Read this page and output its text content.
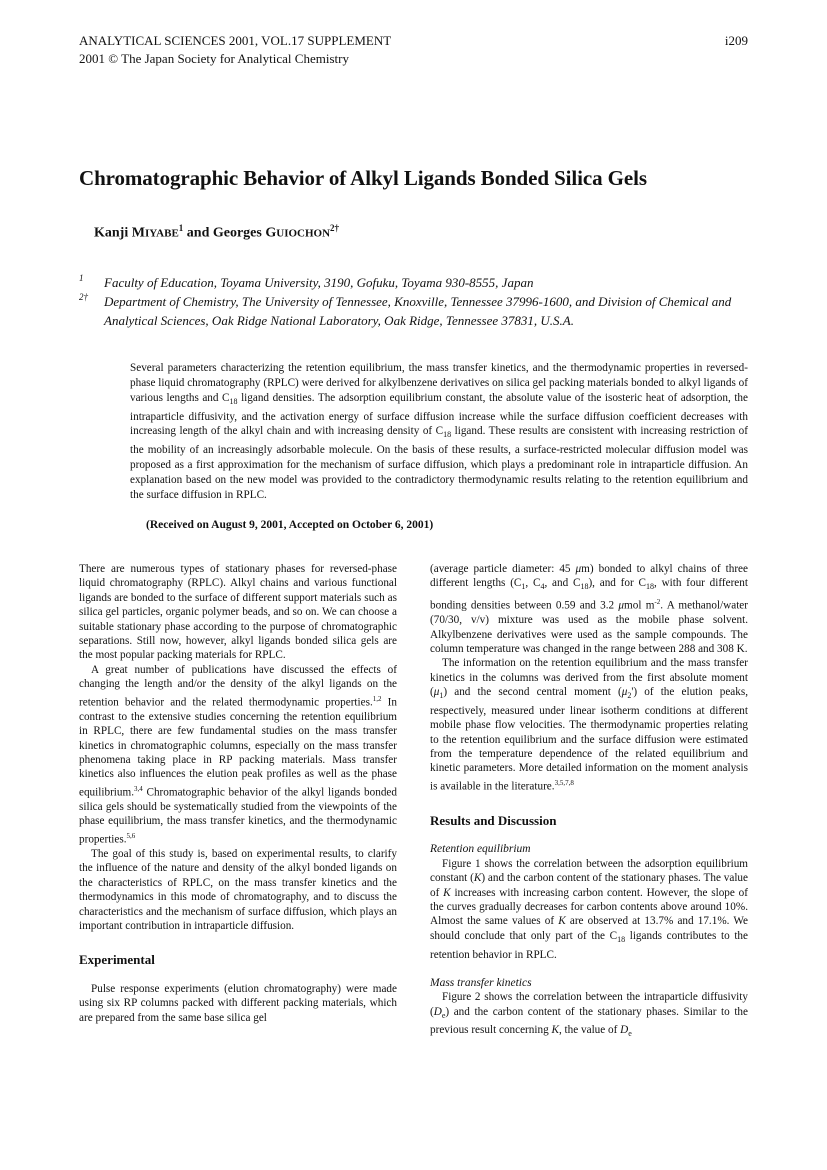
ANALYTICAL SCIENCES 2001, VOL.17 SUPPLEMENT
2001 © The Japan Society for Analytical Chemistry
i209
Chromatographic Behavior of Alkyl Ligands Bonded Silica Gels
Kanji MIYABE$^1$ and Georges $GUIOCHON^{2\dagger}$
1 Faculty of Education, Toyama University, 3190, Gofuku, Toyama 930-8555, Japan
2† Department of Chemistry, The University of Tennessee, Knoxville, Tennessee 37996-1600, and Division of Chemical and Analytical Sciences, Oak Ridge National Laboratory, Oak Ridge, Tennessee 37831, U.S.A.
Several parameters characterizing the retention equilibrium, the mass transfer kinetics, and the thermodynamic properties in reversed-phase liquid chromatography (RPLC) were derived for alkylbenzene derivatives on silica gel packing materials bonded to alkyl ligands of various lengths and $C_{18}$ ligand densities. The adsorption equilibrium constant, the absolute value of the isosteric heat of adsorption, the intraparticle diffusivity, and the activation energy of surface diffusion increase while the surface diffusion coefficient decreases with increasing length of the alkyl chain and with increasing density of $C_{18}$ ligand. These results are consistent with increasing restriction of the mobility of an increasingly adsorbable molecule. On the basis of these results, a surface-restricted molecular diffusion model was proposed as a first approximation for the mechanism of surface diffusion, which plays a predominant role in intraparticle diffusion. An explanation based on the new model was provided to the contradictory thermodynamic results relating to the retention equilibrium and the surface diffusion in RPLC.
(Received on August 9, 2001, Accepted on October 6, 2001)

There are numerous types of stationary phases for reversed-phase liquid chromatography (RPLC). Alkyl chains and various functional ligands are bonded to the surface of different support materials such as silica gel particles, organic polymer beads, and so on. We can choose a suitable stationary phase according to the purpose of chromatographic separations. Still now, however, alkyl ligands bonded silica gels are the most popular packing materials for RPLC.

A great number of publications have discussed the effects of changing the length and/or the density of the alkyl ligands on the retention behavior and the related thermodynamic properties.$^{1,2}$ In contrast to the extensive studies concerning the retention equilibrium in RPLC, there are few fundamental studies on the mass transfer kinetics in chromatographic columns, especially on the mass transfer phenomena taking place in RP packing materials. Mass transfer kinetics also influences the elution peak profiles as well as the phase equilibrium.$^{3,4}$ Chromatographic behavior of the alkyl ligands bonded silica gels should be systematically studied from the viewpoints of the phase equilibrium, the mass transfer kinetics, and the thermodynamic properties.$^{5,6}$

The goal of this study is, based on experimental results, to clarify the influence of the nature and density of the alkyl bonded ligands on the characteristics of RPLC, on the mass transfer kinetics and the thermodynamics in this mode of chromatography, and to discuss the characteristics and the mechanism of surface diffusion, which plays an important contribution in intraparticle diffusion.

Experimental

Pulse response experiments (elution chromatography) were made using six RP columns packed with different packing materials, which are prepared from the same base silica gel

(average particle diameter: 45 μm) bonded to alkyl chains of three different lengths ($C_1$, $C_4$, and $C_{18}$), and for $C_{18}$, with four different bonding densities between 0.59 and 3.2 μmol $m^{-2}$. A methanol/water (70/30, v/v) mixture was used as the mobile phase solvent. Alkylbenzene derivatives were used as the sample compounds. The column temperature was changed in the range between 288 and 308 K.

The information on the retention equilibrium and the mass transfer kinetics in the columns was derived from the first absolute moment $(\mu_1)$ and the second central moment $(\mu_2')$ of the elution peaks, respectively, measured under linear isotherm conditions at different mobile phase flow velocities. The thermodynamic properties relating to the retention equilibrium and the surface diffusion were estimated from the temperature dependence of the related equilibrium and kinetic parameters. More detailed information on the moment analysis is available in the literature.$^{3,5,7,8}$

Results and Discussion
Retention equilibrium

Figure 1 shows the correlation between the adsorption equilibrium constant (K) and the carbon content of the stationary phases. The value of K increases with increasing carbon content. However, the slope of the curves gradually decreases for carbon contents above around 10%. Almost the same values of K are observed at 13.7% and 17.1%. We should conclude that only part of the $C_{18}$ ligands contributes to the retention behavior in RPLC.

Mass transfer kinetics

Figure 2 shows the correlation between the intraparticle diffusivity $(D_e)$ and the carbon content of the stationary phases. Similar to the previous result concerning K, the value of $D_e$
